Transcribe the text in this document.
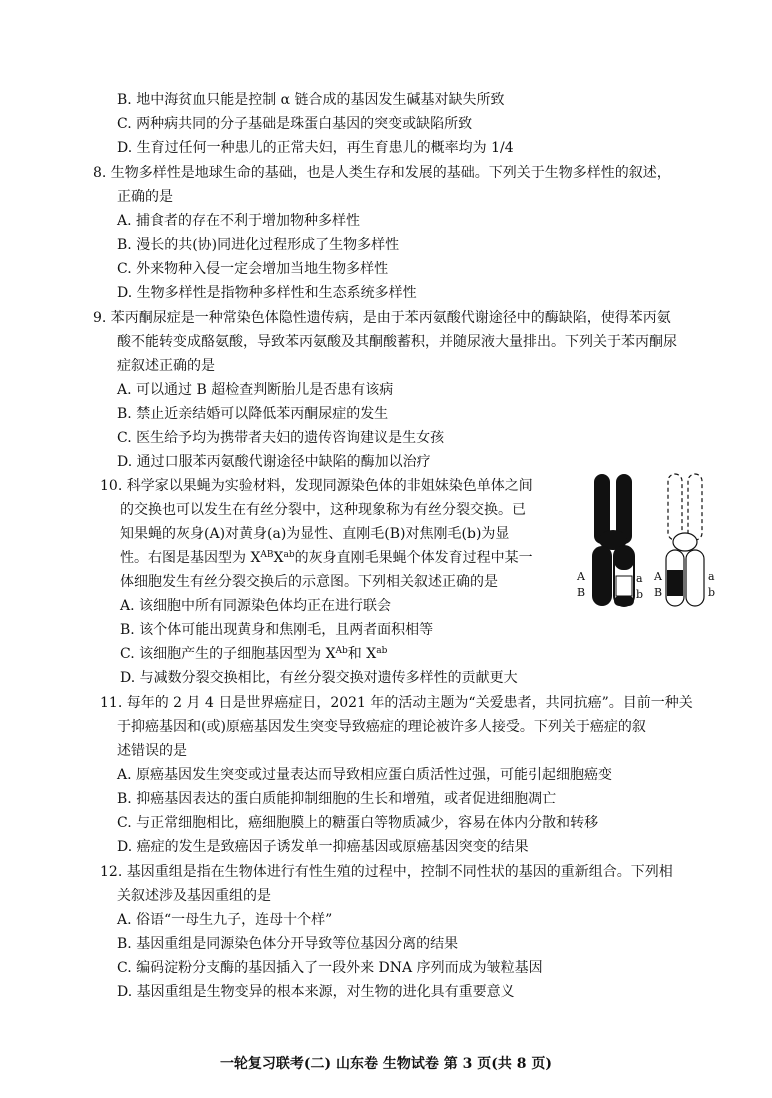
B. 地中海贫血只能是控制 α 链合成的基因发生碱基对缺失所致
C. 两种病共同的分子基础是珠蛋白基因的突变或缺陷所致
D. 生育过任何一种患儿的正常夫妇，再生育患儿的概率均为 1/4
8. 生物多样性是地球生命的基础，也是人类生存和发展的基础。下列关于生物多样性的叙述，
正确的是
A. 捕食者的存在不利于增加物种多样性
B. 漫长的共(协)同进化过程形成了生物多样性
C. 外来物种入侵一定会增加当地生物多样性
D. 生物多样性是指物种多样性和生态系统多样性
9. 苯丙酮尿症是一种常染色体隐性遗传病，是由于苯丙氨酸代谢途径中的酶缺陷，使得苯丙氨
酸不能转变成酪氨酸，导致苯丙氨酸及其酮酸蓄积，并随尿液大量排出。下列关于苯丙酮尿
症叙述正确的是
A. 可以通过 B 超检查判断胎儿是否患有该病
B. 禁止近亲结婚可以降低苯丙酮尿症的发生
C. 医生给予均为携带者夫妇的遗传咨询建议是生女孩
D. 通过口服苯丙氨酸代谢途径中缺陷的酶加以治疗
10. 科学家以果蝇为实验材料，发现同源染色体的非姐妹染色单体之间
的交换也可以发生在有丝分裂中，这种现象称为有丝分裂交换。已
知果蝇的灰身(A)对黄身(a)为显性、直刚毛(B)对焦刚毛(b)为显
性。右图是基因型为 $X^{AB}X^{ab}$的灰身直刚毛果蝇个体发育过程中某一
体细胞发生有丝分裂交换后的示意图。下列相关叙述正确的是
A. 该细胞中所有同源染色体均正在进行联会
B. 该个体可能出现黄身和焦刚毛，且两者面积相等
C. 该细胞产生的子细胞基因型为 $X^{Ab}$和 $X^{ab}$
D. 与减数分裂交换相比，有丝分裂交换对遗传多样性的贡献更大
A
B
a
b
A
B
a
b
11. 每年的 2 月 4 日是世界癌症日，2021 年的活动主题为“关爱患者，共同抗癌”。目前一种关
于抑癌基因和(或)原癌基因发生突变导致癌症的理论被许多人接受。下列关于癌症的叙
述错误的是
A. 原癌基因发生突变或过量表达而导致相应蛋白质活性过强，可能引起细胞癌变
B. 抑癌基因表达的蛋白质能抑制细胞的生长和增殖，或者促进细胞凋亡
C. 与正常细胞相比，癌细胞膜上的糖蛋白等物质减少，容易在体内分散和转移
D. 癌症的发生是致癌因子诱发单一抑癌基因或原癌基因突变的结果
12. 基因重组是指在生物体进行有性生殖的过程中，控制不同性状的基因的重新组合。下列相
关叙述涉及基因重组的是
A. 俗语“一母生九子，连母十个样”
B. 基因重组是同源染色体分开导致等位基因分离的结果
C. 编码淀粉分支酶的基因插入了一段外来 DNA 序列而成为皱粒基因
D. 基因重组是生物变异的根本来源，对生物的进化具有重要意义
一轮复习联考(二) 山东卷 生物试卷 第 3 页(共 8 页)
